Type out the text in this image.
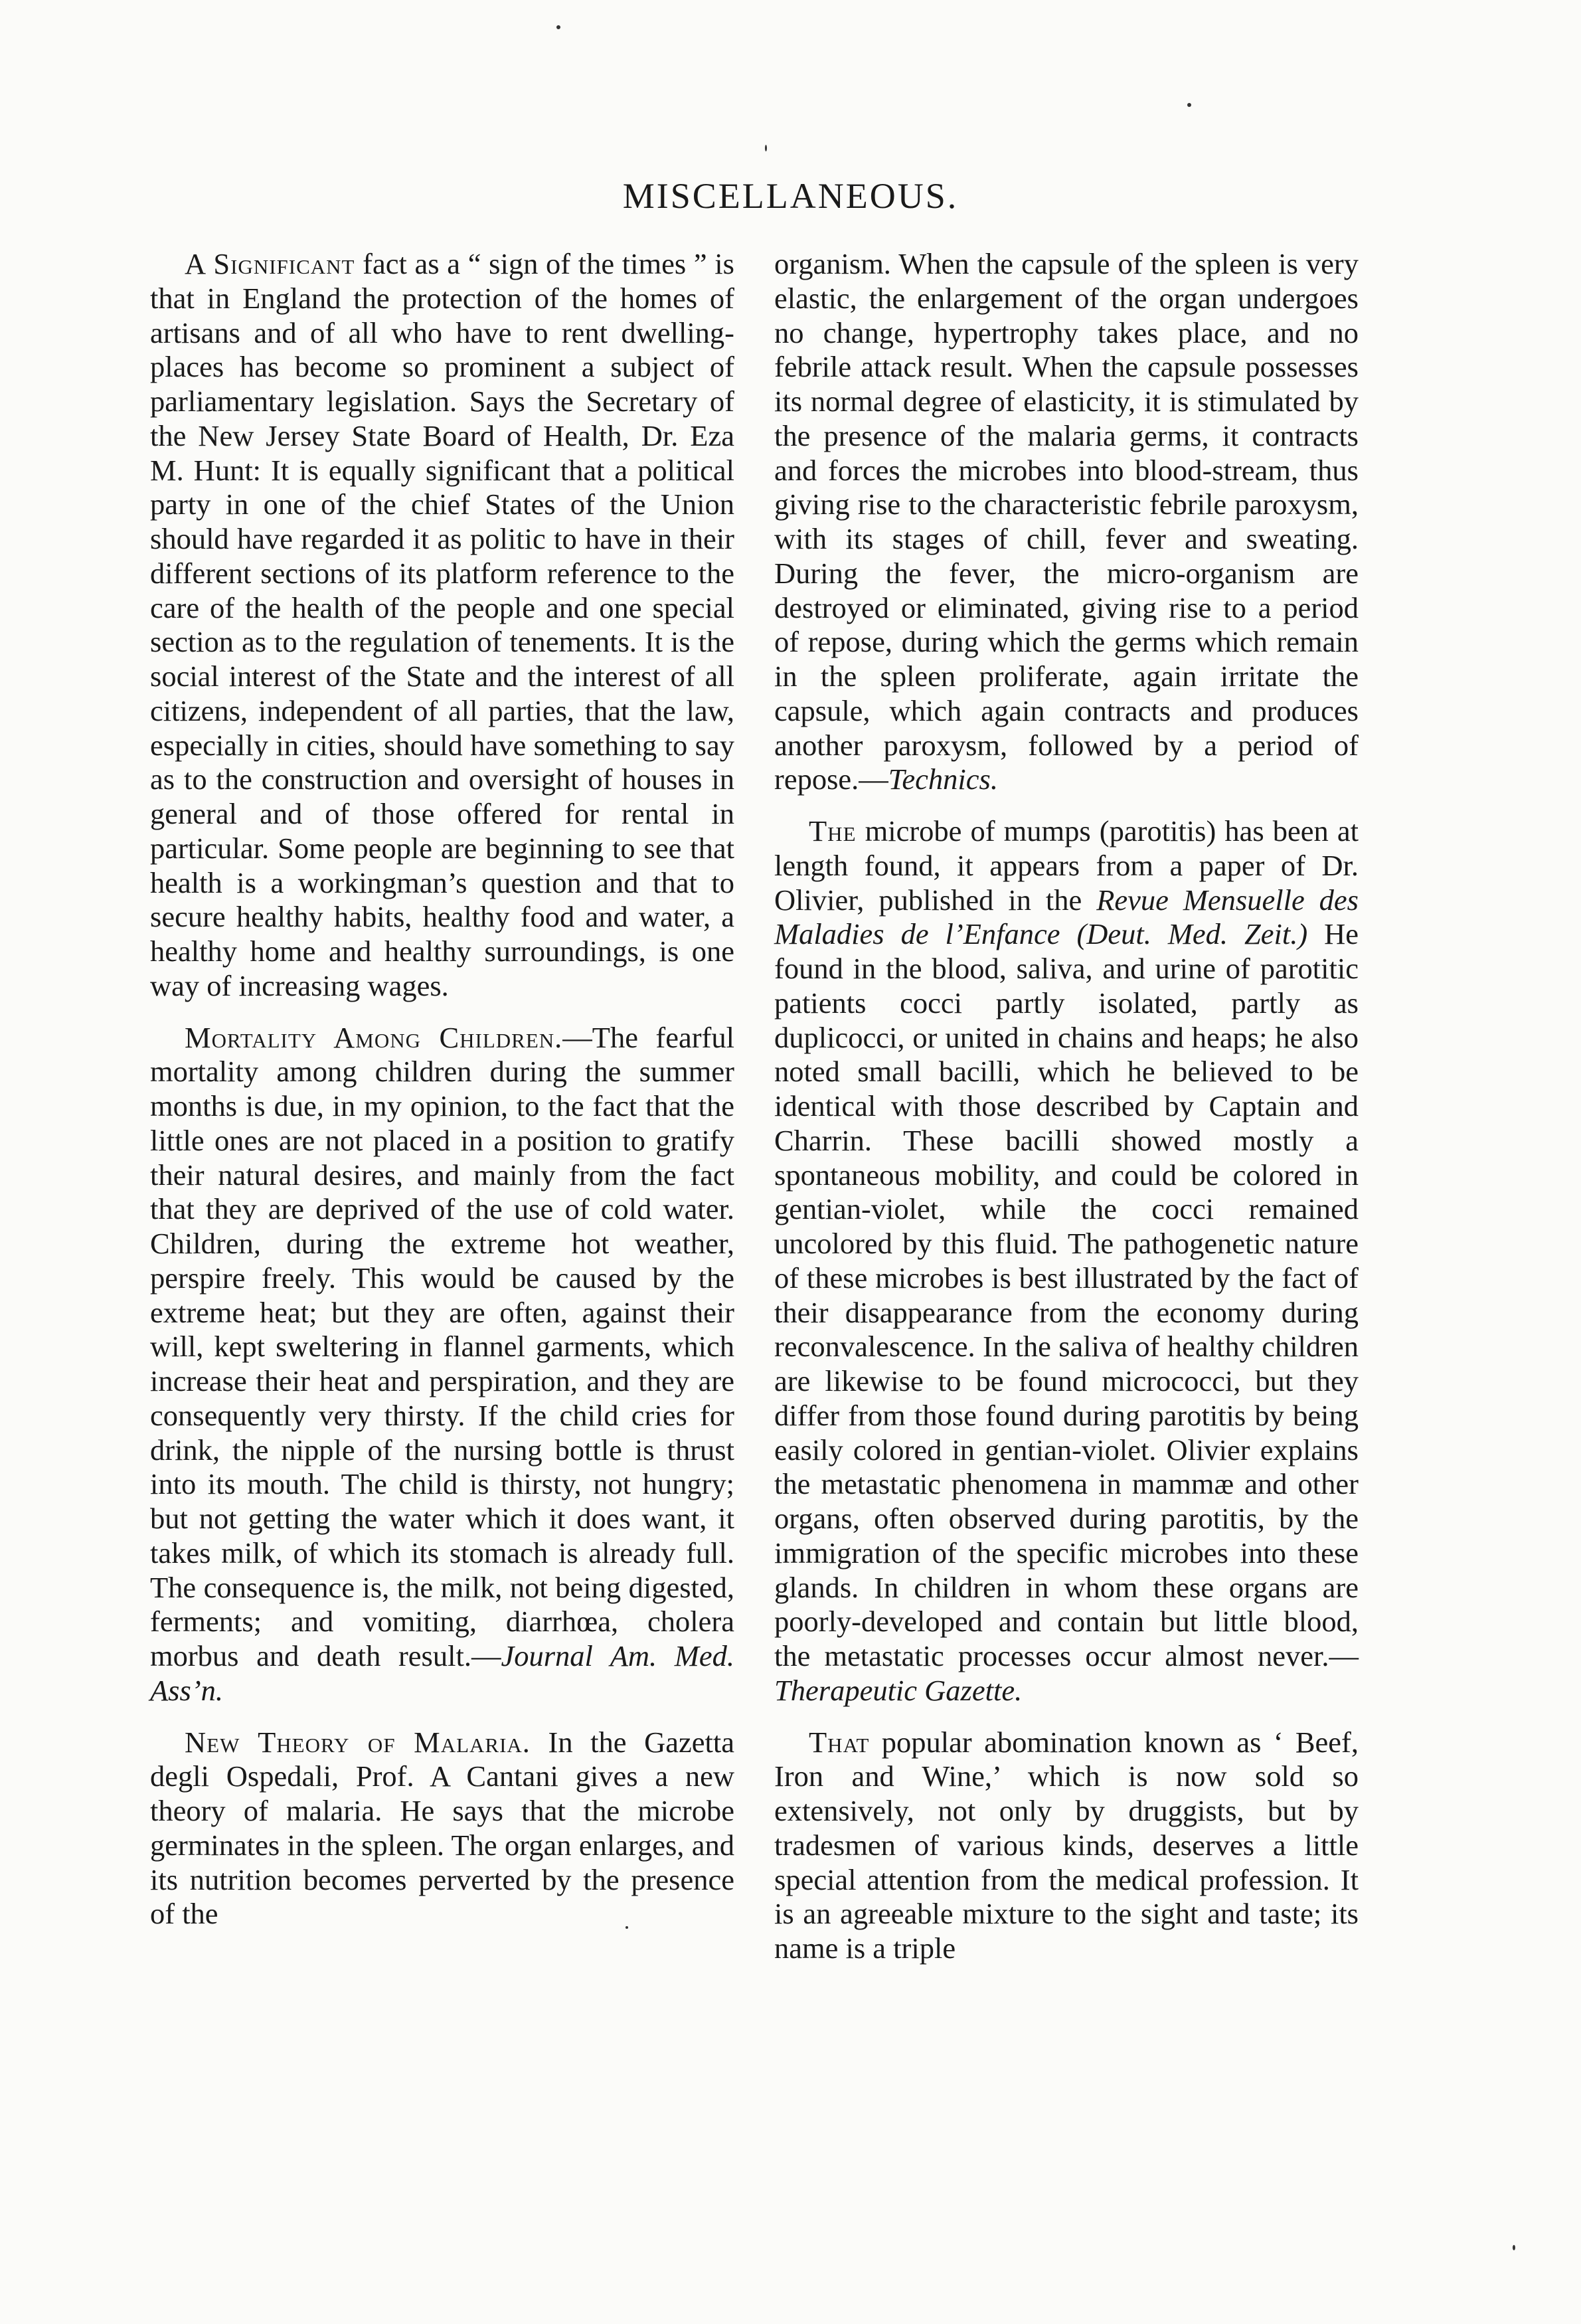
MISCELLANEOUS.

A Significant fact as a “ sign of the times ” is that in England the protection of the homes of artisans and of all who have to rent dwelling-places has become so prominent a subject of parliamentary legislation. Says the Secretary of the New Jersey State Board of Health, Dr. Eza M. Hunt: It is equally significant that a political party in one of the chief States of the Union should have regarded it as politic to have in their different sections of its platform reference to the care of the health of the people and one special section as to the regulation of tenements. It is the social interest of the State and the interest of all citizens, independent of all parties, that the law, especially in cities, should have something to say as to the construction and oversight of houses in general and of those offered for rental in particular. Some people are beginning to see that health is a workingman’s question and that to secure healthy habits, healthy food and water, a healthy home and healthy surroundings, is one way of increasing wages.

Mortality Among Children.—The fearful mortality among children during the summer months is due, in my opinion, to the fact that the little ones are not placed in a position to gratify their natural desires, and mainly from the fact that they are deprived of the use of cold water. Children, during the extreme hot weather, perspire freely. This would be caused by the extreme heat; but they are often, against their will, kept sweltering in flannel garments, which increase their heat and perspiration, and they are consequently very thirsty. If the child cries for drink, the nipple of the nursing bottle is thrust into its mouth. The child is thirsty, not hungry; but not getting the water which it does want, it takes milk, of which its stomach is already full. The consequence is, the milk, not being digested, ferments; and vomiting, diarrhœa, cholera morbus and death result.—Journal Am. Med. Ass’n.

New Theory of Malaria. In the Gazetta degli Ospedali, Prof. A Cantani gives a new theory of malaria. He says that the microbe germinates in the spleen. The organ enlarges, and its nutrition becomes perverted by the presence of the

organism. When the capsule of the spleen is very elastic, the enlargement of the organ undergoes no change, hypertrophy takes place, and no febrile attack result. When the capsule possesses its normal degree of elasticity, it is stimulated by the presence of the malaria germs, it contracts and forces the microbes into blood-stream, thus giving rise to the characteristic febrile paroxysm, with its stages of chill, fever and sweating. During the fever, the micro-organism are destroyed or eliminated, giving rise to a period of repose, during which the germs which remain in the spleen proliferate, again irritate the capsule, which again contracts and produces another paroxysm, followed by a period of repose.—Technics.

The microbe of mumps (parotitis) has been at length found, it appears from a paper of Dr. Olivier, published in the Revue Mensuelle des Maladies de l’Enfance (Deut. Med. Zeit.) He found in the blood, saliva, and urine of parotitic patients cocci partly isolated, partly as duplicocci, or united in chains and heaps; he also noted small bacilli, which he believed to be identical with those described by Captain and Charrin. These bacilli showed mostly a spontaneous mobility, and could be colored in gentian-violet, while the cocci remained uncolored by this fluid. The pathogenetic nature of these microbes is best illustrated by the fact of their disappearance from the economy during reconvalescence. In the saliva of healthy children are likewise to be found micrococci, but they differ from those found during parotitis by being easily colored in gentian-violet. Olivier explains the metastatic phenomena in mammæ and other organs, often observed during parotitis, by the immigration of the specific microbes into these glands. In children in whom these organs are poorly-developed and contain but little blood, the metastatic processes occur almost never.—Therapeutic Gazette.

That popular abomination known as ‘ Beef, Iron and Wine,’ which is now sold so extensively, not only by druggists, but by tradesmen of various kinds, deserves a little special attention from the medical profession. It is an agreeable mixture to the sight and taste; its name is a triple
